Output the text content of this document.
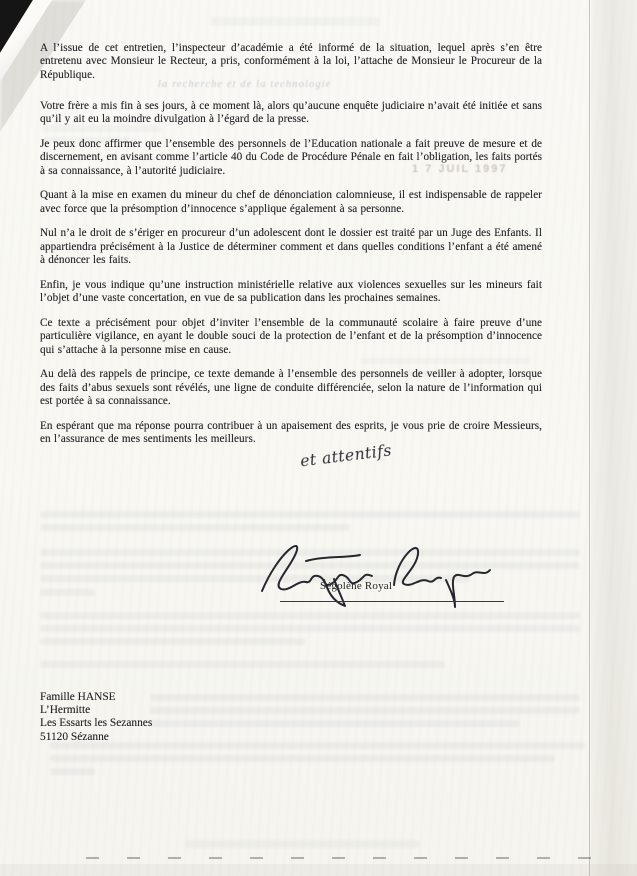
la recherche et de la technologie
1 7 JUIL 1997

A l’issue de cet entretien, l’inspecteur d’académie a été informé de la situation, lequel après s’en être entretenu avec Monsieur le Recteur, a pris, conformément à la loi, l’attache de Monsieur le Procureur de la République.

Votre frère a mis fin à ses jours, à ce moment là, alors qu’aucune enquête judiciaire n’avait été initiée et sans qu’il y ait eu la moindre divulgation à l’égard de la presse.

Je peux donc affirmer que l’ensemble des personnels de l’Education nationale a fait preuve de mesure et de discernement, en avisant comme l’article 40 du Code de Procédure Pénale en fait l’obligation, les faits portés à sa connaissance, à l’autorité judiciaire.

Quant à la mise en examen du mineur du chef de dénonciation calomnieuse, il est indispensable de rappeler avec force que la présomption d’innocence s’applique également à sa personne.

Nul n’a le droit de s’ériger en procureur d’un adolescent dont le dossier est traité par un Juge des Enfants. Il appartiendra précisément à la Justice de déterminer comment et dans quelles conditions l’enfant a été amené à dénoncer les faits.

Enfin, je vous indique qu’une instruction ministérielle relative aux violences sexuelles sur les mineurs fait l’objet d’une vaste concertation, en vue de sa publication dans les prochaines semaines.

Ce texte a précisément pour objet d’inviter l’ensemble de la communauté scolaire à faire preuve d’une particulière vigilance, en ayant le double souci de la protection de l’enfant et de la présomption d’innocence qui s’attache à la personne mise en cause.

Au delà des rappels de principe, ce texte demande à l’ensemble des personnels de veiller à adopter, lorsque des faits d’abus sexuels sont révélés, une ligne de conduite différenciée, selon la nature de l’information qui est portée à sa connaissance.

En espérant que ma réponse pourra contribuer à un apaisement des esprits, je vous prie de croire Messieurs, en l’assurance de mes sentiments les meilleurs.

et attentifs
Ségolène Royal
Famille HANSE
L’Hermitte
Les Essarts les Sezannes
51120 Sézanne
